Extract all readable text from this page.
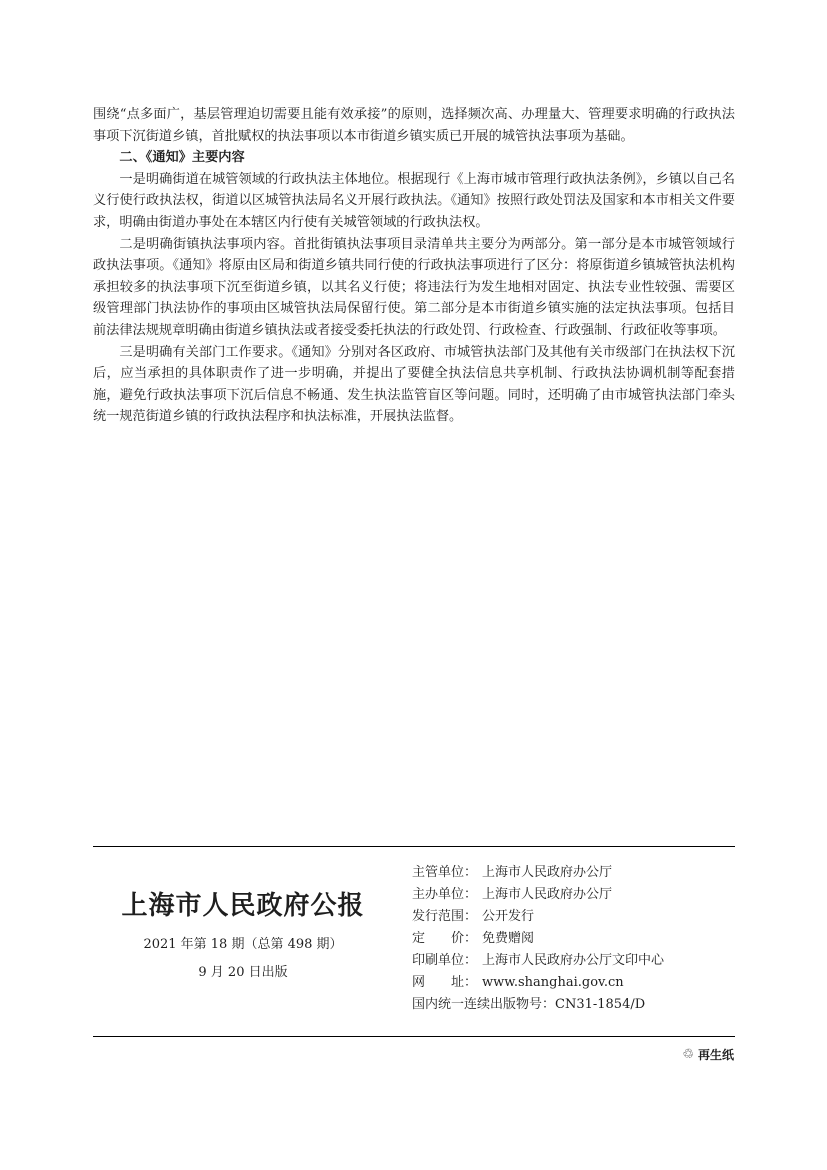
围绕“点多面广，基层管理迫切需要且能有效承接”的原则，选择频次高、办理量大、管理要求明确的行政执法事项下沉街道乡镇，首批赋权的执法事项以本市街道乡镇实质已开展的城管执法事项为基础。

二、《通知》主要内容

一是明确街道在城管领域的行政执法主体地位。根据现行《上海市城市管理行政执法条例》，乡镇以自己名义行使行政执法权，街道以区城管执法局名义开展行政执法。《通知》按照行政处罚法及国家和本市相关文件要求，明确由街道办事处在本辖区内行使有关城管领域的行政执法权。

二是明确街镇执法事项内容。首批街镇执法事项目录清单共主要分为两部分。第一部分是本市城管领域行政执法事项。《通知》将原由区局和街道乡镇共同行使的行政执法事项进行了区分：将原街道乡镇城管执法机构承担较多的执法事项下沉至街道乡镇，以其名义行使；将违法行为发生地相对固定、执法专业性较强、需要区级管理部门执法协作的事项由区城管执法局保留行使。第二部分是本市街道乡镇实施的法定执法事项。包括目前法律法规规章明确由街道乡镇执法或者接受委托执法的行政处罚、行政检查、行政强制、行政征收等事项。

三是明确有关部门工作要求。《通知》分别对各区政府、市城管执法部门及其他有关市级部门在执法权下沉后，应当承担的具体职责作了进一步明确，并提出了要健全执法信息共享机制、行政执法协调机制等配套措施，避免行政执法事项下沉后信息不畅通、发生执法监管盲区等问题。同时，还明确了由市城管执法部门牵头统一规范街道乡镇的行政执法程序和执法标准，开展执法监督。

上海市人民政府公报
2021 年第 18 期（总第 498 期）
9 月 20 日出版
主管单位： 上海市人民政府办公厅
主办单位： 上海市人民政府办公厅
发行范围： 公开发行
定　　价： 免费赠阅
印刷单位： 上海市人民政府办公厅文印中心
网　　址： www.shanghai.gov.cn
国内统一连续出版物号：CN31-1854/D
♲ 再生纸
